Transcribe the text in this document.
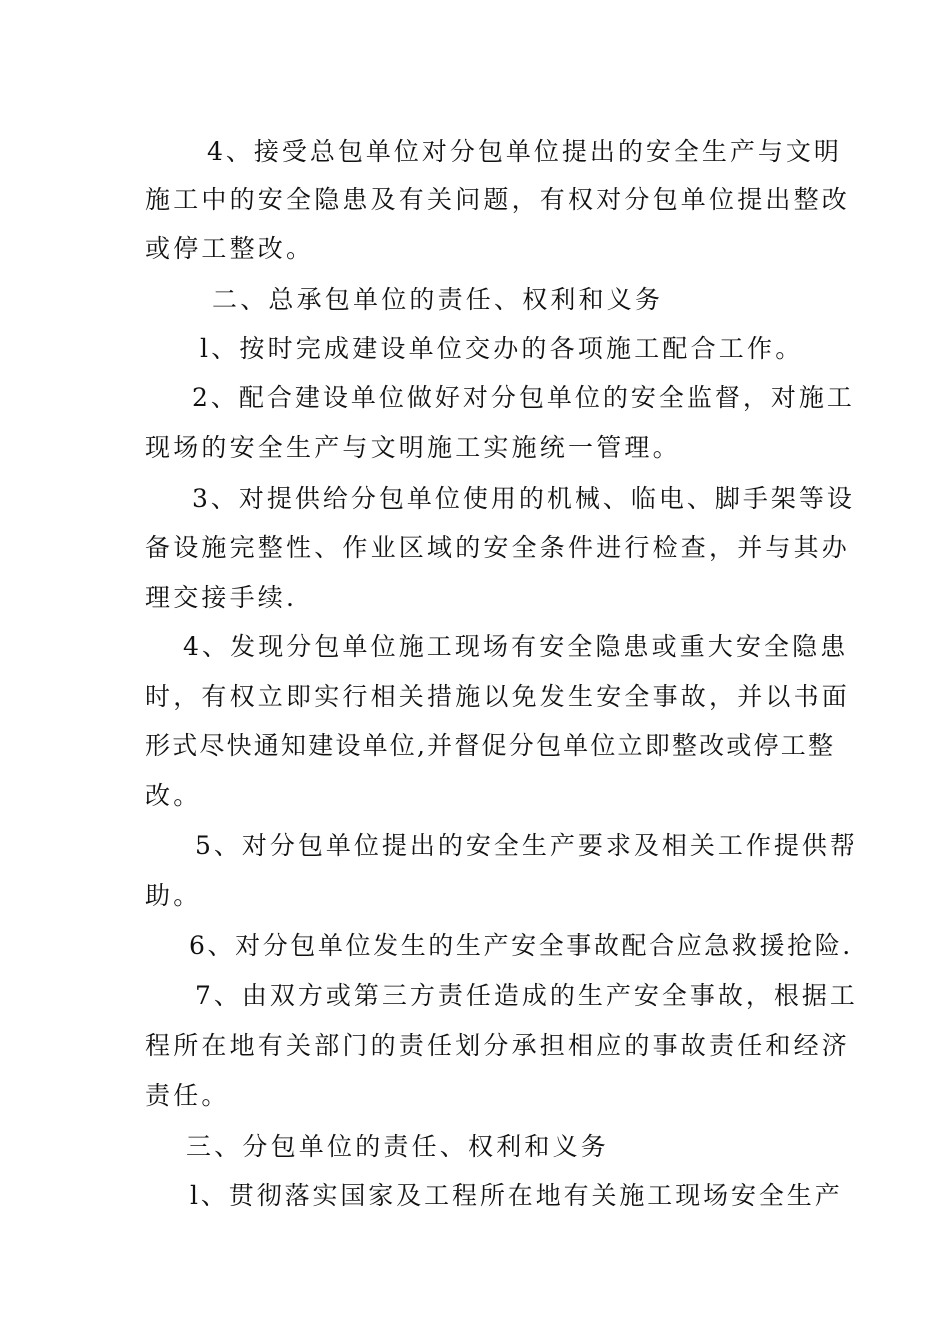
4、接受总包单位对分包单位提出的安全生产与文明
施工中的安全隐患及有关问题，有权对分包单位提出整改
或停工整改。
二、总承包单位的责任、权利和义务
l、按时完成建设单位交办的各项施工配合工作。
2、配合建设单位做好对分包单位的安全监督，对施工
现场的安全生产与文明施工实施统一管理。
3、对提供给分包单位使用的机械、临电、脚手架等设
备设施完整性、作业区域的安全条件进行检查，并与其办
理交接手续.
4、发现分包单位施工现场有安全隐患或重大安全隐患
时，有权立即实行相关措施以免发生安全事故，并以书面
形式尽快通知建设单位,并督促分包单位立即整改或停工整
改。
5、对分包单位提出的安全生产要求及相关工作提供帮
助。
6、对分包单位发生的生产安全事故配合应急救援抢险.
7、由双方或第三方责任造成的生产安全事故，根据工
程所在地有关部门的责任划分承担相应的事故责任和经济
责任。
三、分包单位的责任、权利和义务
l、贯彻落实国家及工程所在地有关施工现场安全生产
